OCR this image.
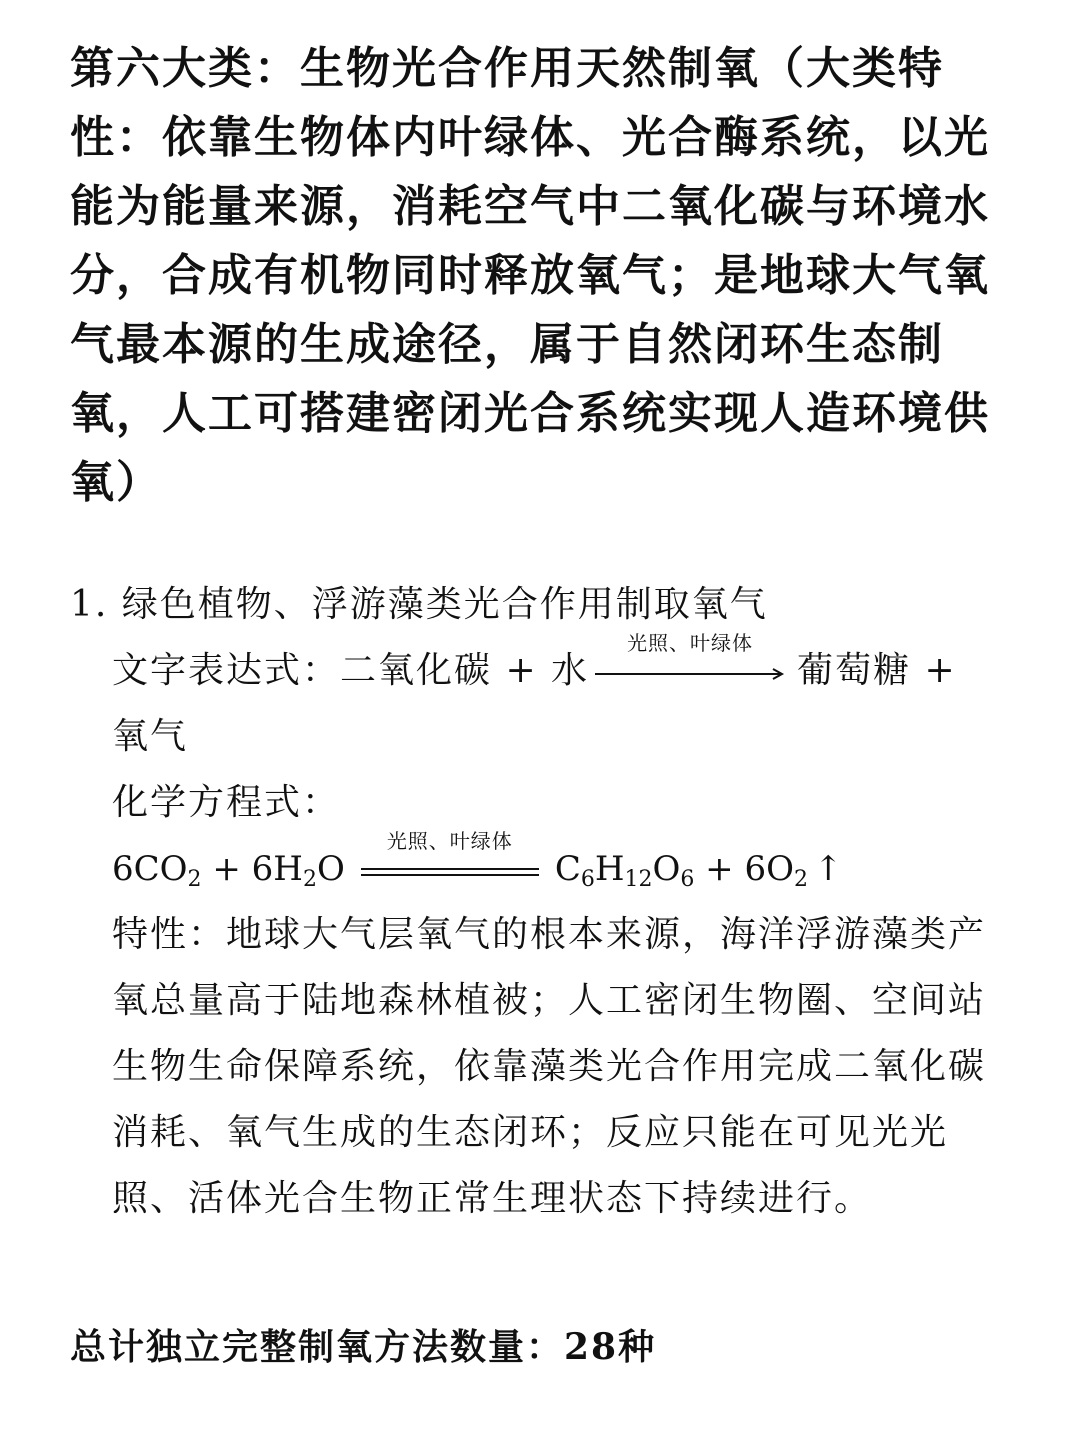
第六大类：生物光合作用天然制氧（大类特性：依靠生物体内叶绿体、光合酶系统，以光能为能量来源，消耗空气中二氧化碳与环境水分，合成有机物同时释放氧气；是地球大气氧气最本源的生成途径，属于自然闭环生态制氧，人工可搭建密闭光合系统实现人造环境供氧）
1. 绿色植物、浮游藻类光合作用制取氧气
文字表达式：二氧化碳 + 水
光照、叶绿体
葡萄糖 + 氧气
化学方程式：
$6CO_2 + 6H_2O$
光照、叶绿体
$C_6H_{12}O_6 + 6O_2$ ↑
特性：地球大气层氧气的根本来源，海洋浮游藻类产氧总量高于陆地森林植被；人工密闭生物圈、空间站生物生命保障系统，依靠藻类光合作用完成二氧化碳消耗、氧气生成的生态闭环；反应只能在可见光光照、活体光合生物正常生理状态下持续进行。
总计独立完整制氧方法数量：28种
